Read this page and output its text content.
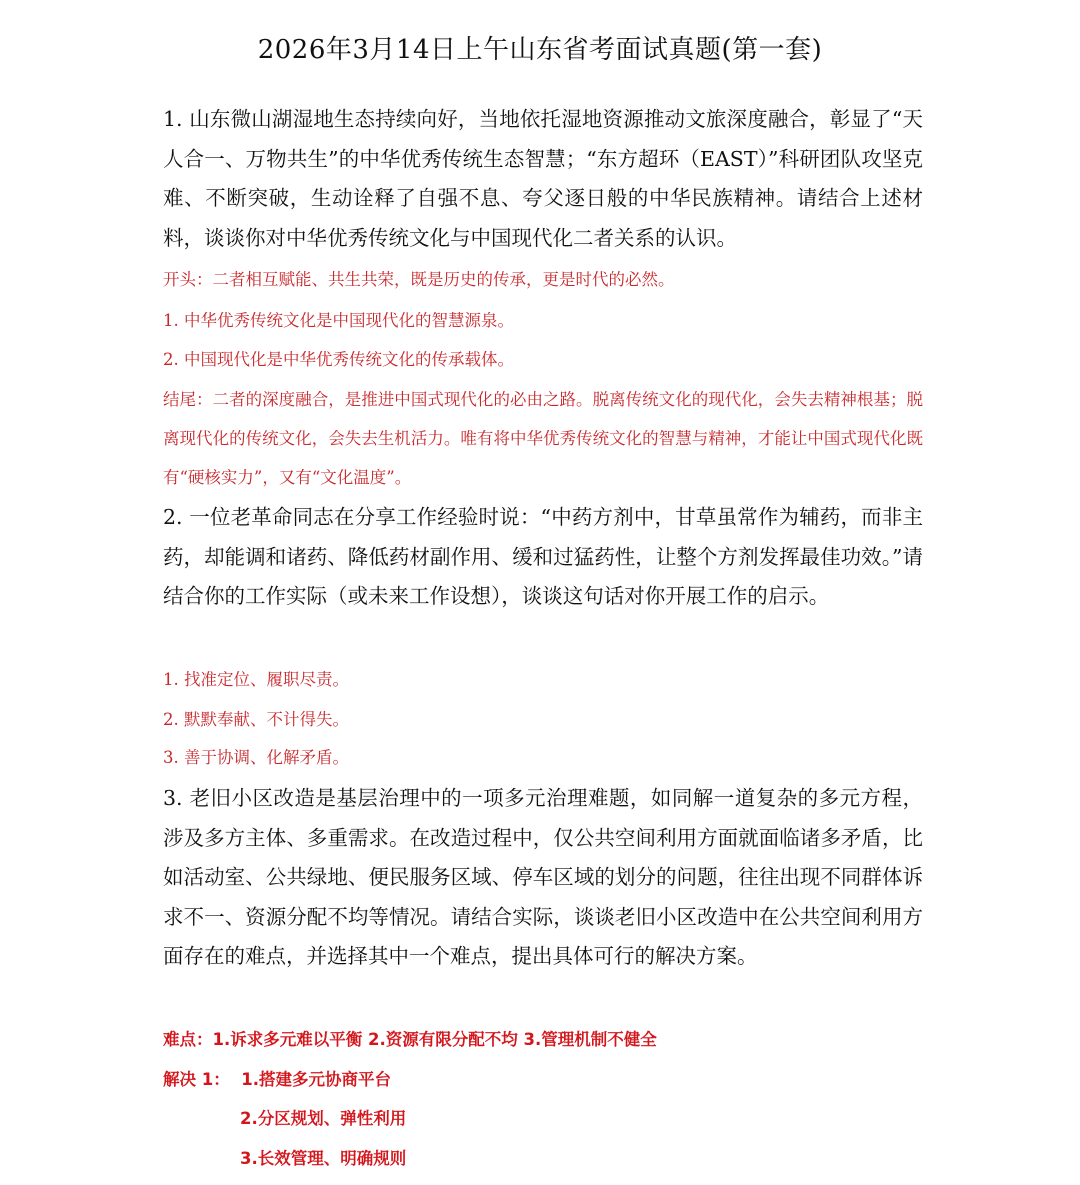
2026年3月14日上午山东省考面试真题(第一套)
1. 山东微山湖湿地生态持续向好，当地依托湿地资源推动文旅深度融合，彰显了“天人合一、万物共生”的中华优秀传统生态智慧；“东方超环（EAST）”科研团队攻坚克难、不断突破，生动诠释了自强不息、夸父逐日般的中华民族精神。请结合上述材料，谈谈你对中华优秀传统文化与中国现代化二者关系的认识。
开头：二者相互赋能、共生共荣，既是历史的传承，更是时代的必然。
1. 中华优秀传统文化是中国现代化的智慧源泉。
2. 中国现代化是中华优秀传统文化的传承载体。
结尾：二者的深度融合，是推进中国式现代化的必由之路。脱离传统文化的现代化，会失去精神根基；脱离现代化的传统文化，会失去生机活力。唯有将中华优秀传统文化的智慧与精神，才能让中国式现代化既有“硬核实力”，又有“文化温度”。
2. 一位老革命同志在分享工作经验时说：“中药方剂中，甘草虽常作为辅药，而非主药，却能调和诸药、降低药材副作用、缓和过猛药性，让整个方剂发挥最佳功效。”请结合你的工作实际（或未来工作设想），谈谈这句话对你开展工作的启示。
1. 找准定位、履职尽责。
2. 默默奉献、不计得失。
3. 善于协调、化解矛盾。
3. 老旧小区改造是基层治理中的一项多元治理难题，如同解一道复杂的多元方程，涉及多方主体、多重需求。在改造过程中，仅公共空间利用方面就面临诸多矛盾，比如活动室、公共绿地、便民服务区域、停车区域的划分的问题，往往出现不同群体诉求不一、资源分配不均等情况。请结合实际，谈谈老旧小区改造中在公共空间利用方面存在的难点，并选择其中一个难点，提出具体可行的解决方案。
难点：1.诉求多元难以平衡 2.资源有限分配不均 3.管理机制不健全
解决 1：  1.搭建多元协商平台
2.分区规划、弹性利用
3.长效管理、明确规则
